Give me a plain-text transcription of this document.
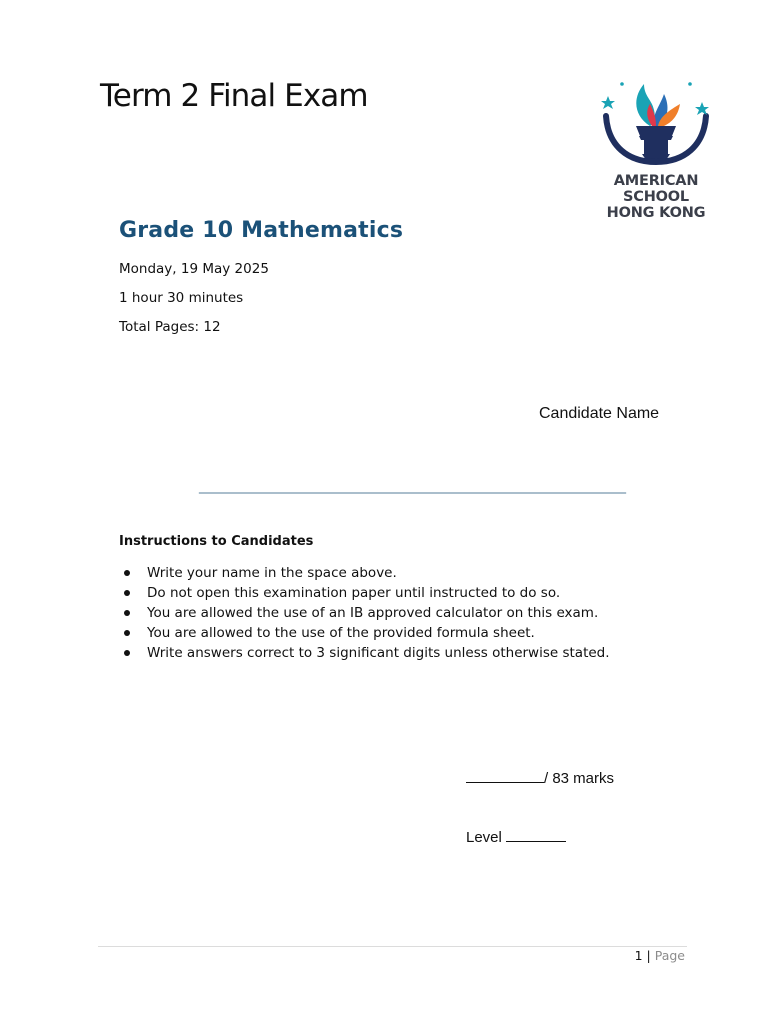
Term 2 Final Exam
AMERICAN
SCHOOL
HONG KONG
Grade 10 Mathematics
Monday, 19 May 2025
1 hour 30 minutes
Total Pages: 12
Candidate Name
Instructions to Candidates
Write your name in the space above.
Do not open this examination paper until instructed to do so.
You are allowed the use of an IB approved calculator on this exam.
You are allowed to the use of the provided formula sheet.
Write answers correct to 3 significant digits unless otherwise stated.
/ 83 marks
Level
1 | Page
